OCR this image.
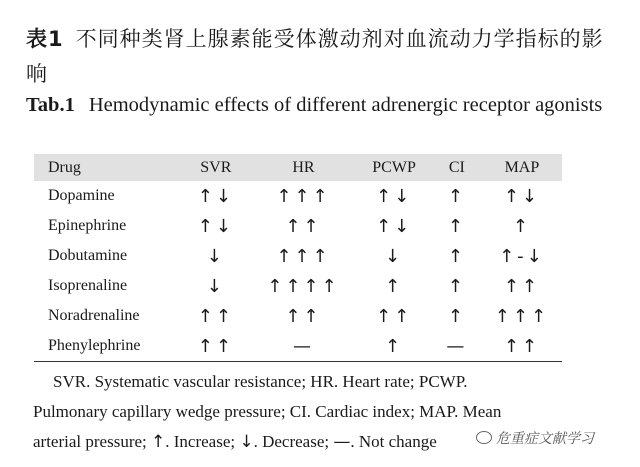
表1 不同种类肾上腺素能受体激动剂对血流动力学指标的影响
Tab.1 Hemodynamic effects of different adrenergic receptor agonists
Drug	SVR	HR	PCWP	CI	MAP
Dopamine	↑↓	↑↑↑	↑↓	↑	↑↓
Epinephrine	↑↓	↑↑	↑↓	↑	↑
Dobutamine	↓	↑↑↑	↓	↑	↑-↓
Isoprenaline	↓	↑↑↑↑	↑	↑	↑↑
Noradrenaline	↑↑	↑↑	↑↑	↑	↑↑↑
Phenylephrine	↑↑	—	↑	—	↑↑
SVR. Systematic vascular resistance; HR. Heart rate; PCWP.
Pulmonary capillary wedge pressure; CI. Cardiac index; MAP. Mean
arterial pressure; ↑. Increase; ↓. Decrease; —. Not change	危重症文献学习
